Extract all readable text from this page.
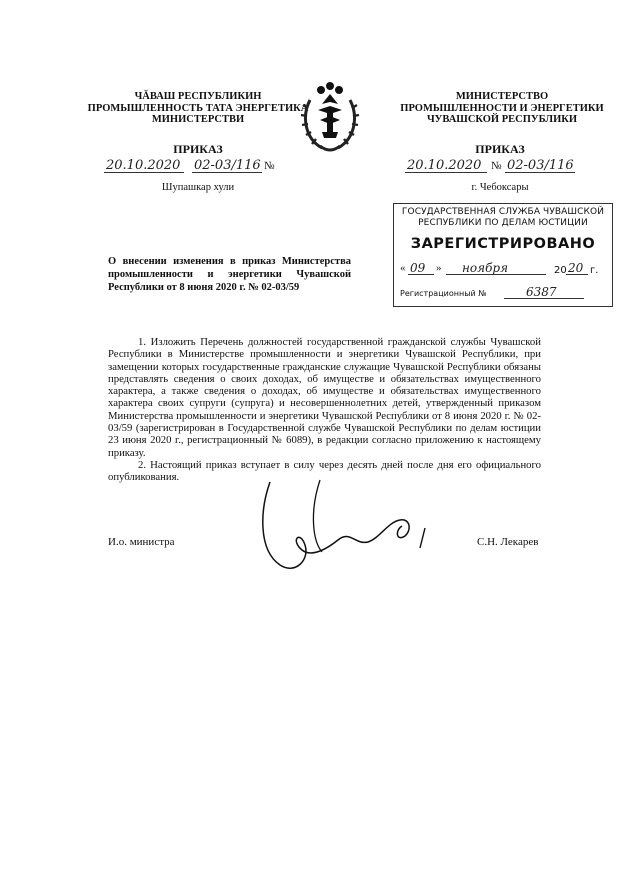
ЧĂВАШ РЕСПУБЛИКИН
ПРОМЫШЛЕННОСТЬ ТАТА ЭНЕРГЕТИКА
МИНИСТЕРСТВИ
МИНИСТЕРСТВО
ПРОМЫШЛЕННОСТИ И ЭНЕРГЕТИКИ
ЧУВАШСКОЙ РЕСПУБЛИКИ
ПРИКАЗ
20.10.2020 02-03/116 №
Шупашкар хули
ПРИКАЗ
20.10.2020 № 02-03/116
г. Чебоксары
ГОСУДАРСТВЕННАЯ СЛУЖБА ЧУВАШСКОЙ
РЕСПУБЛИКИ ПО ДЕЛАМ ЮСТИЦИИ
ЗАРЕГИСТРИРОВАНО
« 09 » ноября	20 20 г.
Регистрационный №	6387
О внесении изменения в приказ Министерства промышленности и энергетики Чувашской Республики от 8 июня 2020 г. № 02-03/59

1. Изложить Перечень должностей государственной гражданской службы Чувашской Республики в Министерстве промышленности и энергетики Чувашской Республики, при замещении которых государственные гражданские служащие Чувашской Республики обязаны представлять сведения о своих доходах, об имуществе и обязательствах имущественного характера, а также сведения о доходах, об имуществе и обязательствах имущественного характера своих супруги (супруга) и несовершеннолетних детей, утвержденный приказом Министерства промышленности и энергетики Чувашской Республики от 8 июня 2020 г. № 02-03/59 (зарегистрирован в Государственной службе Чувашской Республики по делам юстиции 23 июня 2020 г., регистрационный № 6089), в редакции согласно приложению к настоящему приказу.

2. Настоящий приказ вступает в силу через десять дней после дня его официального опубликования.

И.о. министра	С.Н. Лекарев
